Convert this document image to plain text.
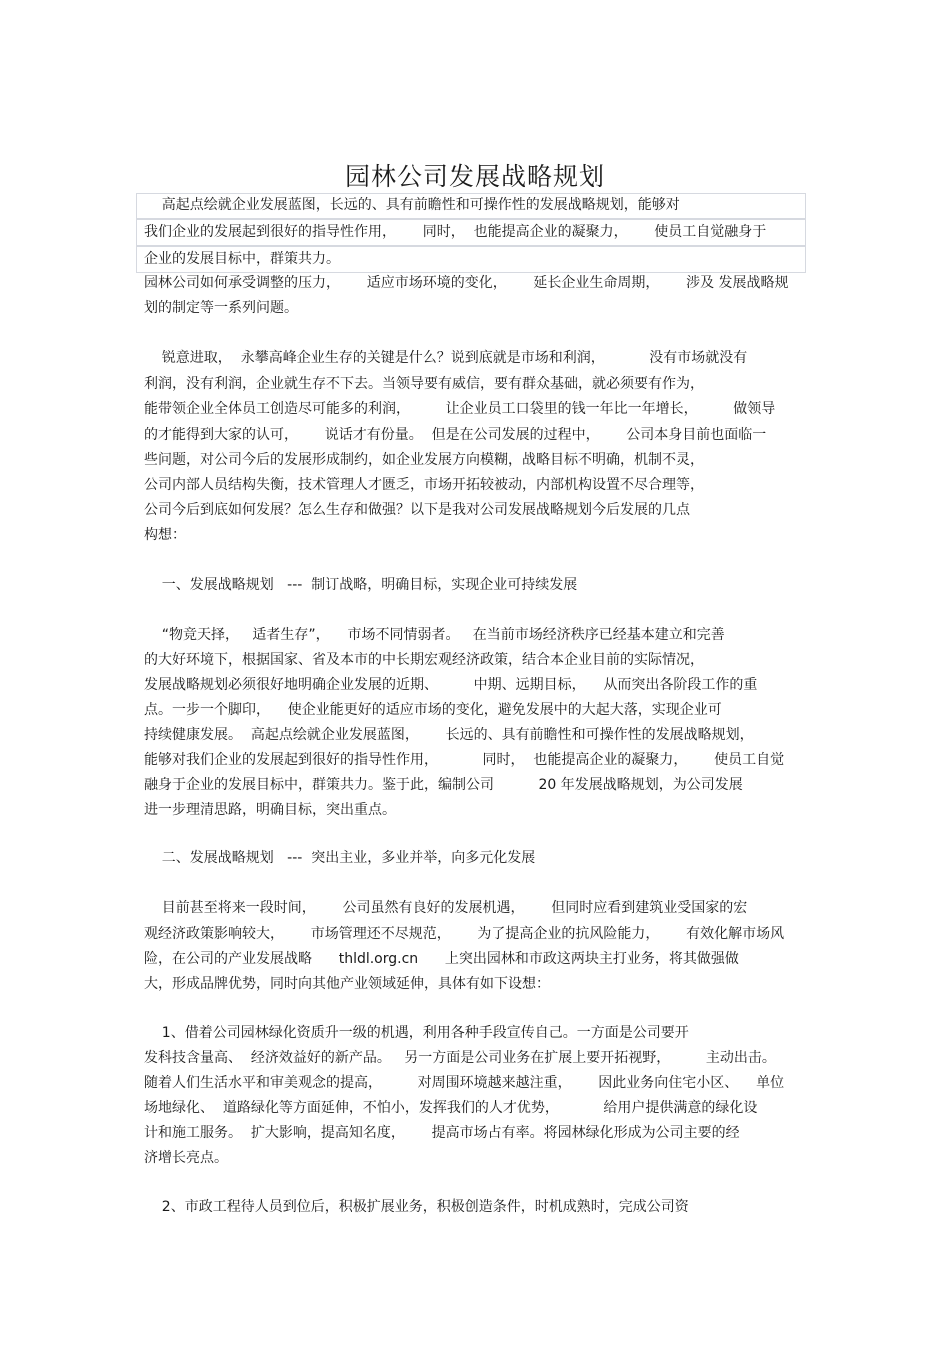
园林公司发展战略规划
高起点绘就企业发展蓝图，长远的、具有前瞻性和可操作性的发展战略规划，能够对
我们企业的发展起到很好的指导性作用，      同时，  也能提高企业的凝聚力，      使员工自觉融身于
企业的发展目标中，群策共力。
园林公司如何承受调整的压力，      适应市场环境的变化，      延长企业生命周期，      涉及 发展战略规
划的制定等一系列问题。
锐意进取，  永攀高峰企业生存的关键是什么？说到底就是市场和利润，          没有市场就没有
利润，没有利润，企业就生存不下去。当领导要有威信，要有群众基础，就必须要有作为，
能带领企业全体员工创造尽可能多的利润，        让企业员工口袋里的钱一年比一年增长，        做领导
的才能得到大家的认可，      说话才有份量。  但是在公司发展的过程中，      公司本身目前也面临一
些问题，对公司今后的发展形成制约，如企业发展方向模糊，战略目标不明确，机制不灵，
公司内部人员结构失衡，技术管理人才匮乏，市场开拓较被动，内部机构设置不尽合理等，
公司今后到底如何发展？怎么生存和做强？以下是我对公司发展战略规划今后发展的几点
构想：
一、发展战略规划   ---  制订战略，明确目标，实现企业可持续发展
“物竞天择，   适者生存”，    市场不同情弱者。   在当前市场经济秩序已经基本建立和完善
的大好环境下，根据国家、省及本市的中长期宏观经济政策，结合本企业目前的实际情况，
发展战略规划必须很好地明确企业发展的近期、        中期、远期目标，    从而突出各阶段工作的重
点。一步一个脚印，    使企业能更好的适应市场的变化，避免发展中的大起大落，实现企业可
持续健康发展。  高起点绘就企业发展蓝图，      长远的、具有前瞻性和可操作性的发展战略规划，
能够对我们企业的发展起到很好的指导性作用，          同时，  也能提高企业的凝聚力，      使员工自觉
融身于企业的发展目标中，群策共力。鉴于此，编制公司          20 年发展战略规划，为公司发展
进一步理清思路，明确目标，突出重点。
二、发展战略规划   ---  突出主业，多业并举，向多元化发展
目前甚至将来一段时间，      公司虽然有良好的发展机遇，      但同时应看到建筑业受国家的宏
观经济政策影响较大，      市场管理还不尽规范，      为了提高企业的抗风险能力，      有效化解市场风
险，在公司的产业发展战略      thldl.org.cn      上突出园林和市政这两块主打业务，将其做强做
大，形成品牌优势，同时向其他产业领域延伸，具体有如下设想：
1、借着公司园林绿化资质升一级的机遇，利用各种手段宣传自己。一方面是公司要开
发科技含量高、  经济效益好的新产品。   另一方面是公司业务在扩展上要开拓视野，        主动出击。
随着人们生活水平和审美观念的提高，        对周围环境越来越注重，      因此业务向住宅小区、    单位
场地绿化、  道路绿化等方面延伸，不怕小，发挥我们的人才优势，          给用户提供满意的绿化设
计和施工服务。  扩大影响，提高知名度，      提高市场占有率。将园林绿化形成为公司主要的经
济增长亮点。
2、市政工程待人员到位后，积极扩展业务，积极创造条件，时机成熟时，完成公司资
